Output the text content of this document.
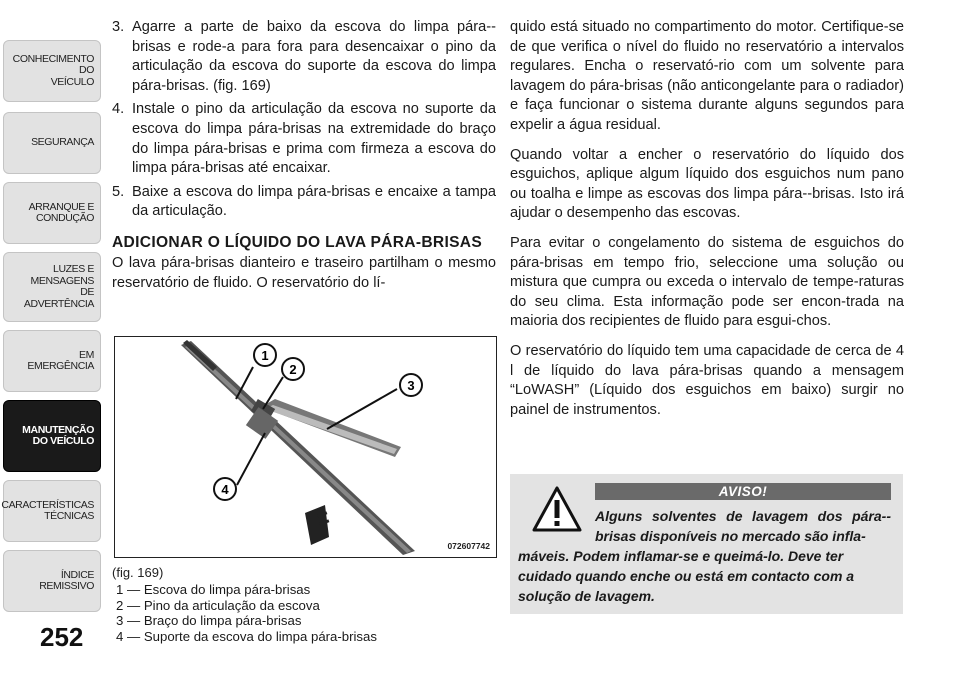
CONHECIMENTO
DO
VEÍCULO
SEGURANÇA
ARRANQUE E
CONDUÇÃO
LUZES E
MENSAGENS
DE
ADVERTÊNCIA
EM
EMERGÊNCIA
MANUTENÇÃO
DO VEÍCULO
CARACTERÍSTICAS
TÉCNICAS
ÍNDICE
REMISSIVO
252
3. Agarre a parte de baixo da escova do limpa pára--brisas e rode-a para fora para desencaixar o pino da articulação da escova do suporte da escova do limpa pára-brisas. (fig. 169)
4. Instale o pino da articulação da escova no suporte da escova do limpa pára-brisas na extremidade do braço do limpa pára-brisas e prima com firmeza a escova do limpa pára-brisas até encaixar.
5. Baixe a escova do limpa pára-brisas e encaixe a tampa da articulação.
ADICIONAR O LÍQUIDO DO LAVA PÁRA-BRISAS

O lava pára-brisas dianteiro e traseiro partilham o mesmo reservatório de fluido. O reservatório do lí-

1
2
3
4
072607742
(fig. 169)
1 — Escova do limpa pára-brisas
2 — Pino da articulação da escova
3 — Braço do limpa pára-brisas
4 — Suporte da escova do limpa pára-brisas

quido está situado no compartimento do motor. Certifique-se de que verifica o nível do fluido no reservatório a intervalos regulares. Encha o reservató-rio com um solvente para lavagem do pára-brisas (não anticongelante para o radiador) e faça funcionar o sistema durante alguns segundos para expelir a água residual.

Quando voltar a encher o reservatório do líquido dos esguichos, aplique algum líquido dos esguichos num pano ou toalha e limpe as escovas dos limpa pára--brisas. Isto irá ajudar o desempenho das escovas.

Para evitar o congelamento do sistema de esguichos do pára-brisas em tempo frio, seleccione uma solução ou mistura que cumpra ou exceda o intervalo de tempe-raturas do seu clima. Esta informação pode ser encon-trada na maioria dos recipientes de fluido para esgui-chos.

O reservatório do líquido tem uma capacidade de cerca de 4 l de líquido do lava pára-brisas quando a mensagem “LoWASH” (Líquido dos esguichos em baixo) surgir no painel de instrumentos.

AVISO!
Alguns solventes de lavagem dos pára--brisas disponíveis no mercado são infla-
máveis. Podem inflamar-se e queimá-lo. Deve ter cuidado quando enche ou está em contacto com a solução de lavagem.
